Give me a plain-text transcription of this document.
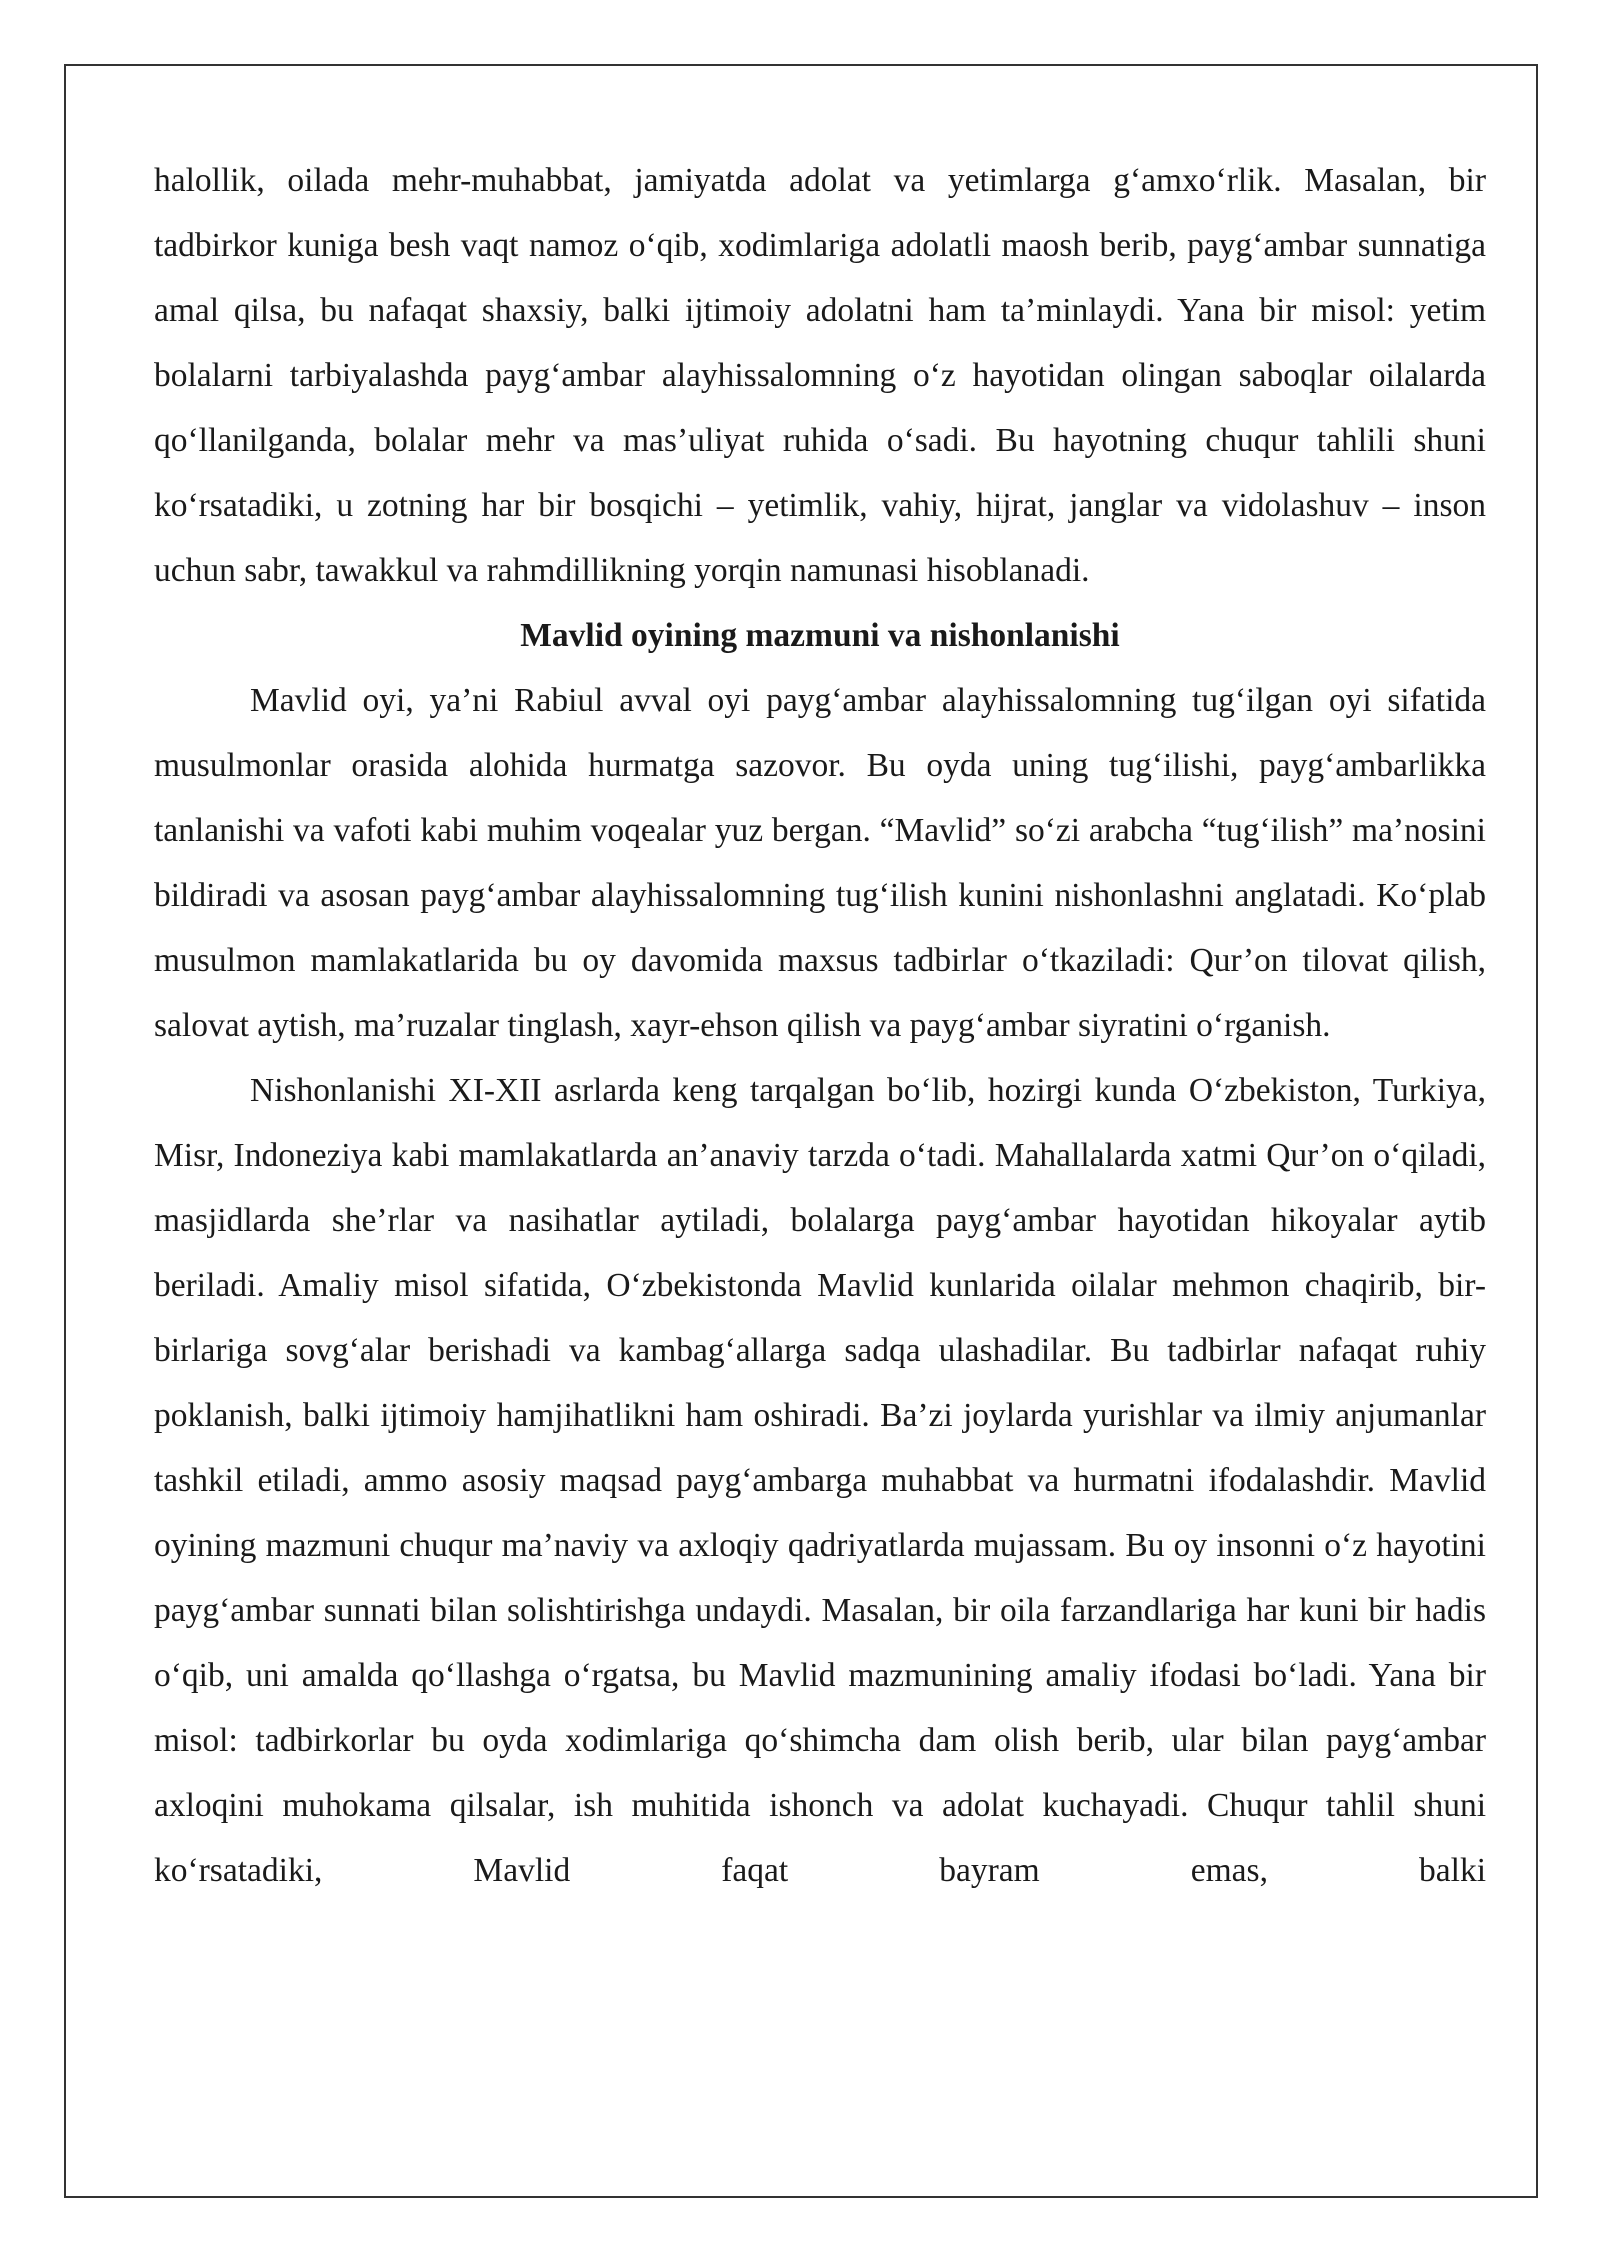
halollik, oilada mehr-muhabbat, jamiyatda adolat va yetimlarga g‘amxo‘rlik. Masalan, bir tadbirkor kuniga besh vaqt namoz o‘qib, xodimlariga adolatli maosh berib, payg‘ambar sunnatiga amal qilsa, bu nafaqat shaxsiy, balki ijtimoiy adolatni ham ta’minlaydi. Yana bir misol: yetim bolalarni tarbiyalashda payg‘ambar alayhissalomning o‘z hayotidan olingan saboqlar oilalarda qo‘llanilganda, bolalar mehr va mas’uliyat ruhida o‘sadi. Bu hayotning chuqur tahlili shuni ko‘rsatadiki, u zotning har bir bosqichi – yetimlik, vahiy, hijrat, janglar va vidolashuv – inson uchun sabr, tawakkul va rahmdillikning yorqin namunasi hisoblanadi.

Mavlid oyining mazmuni va nishonlanishi

Mavlid oyi, ya’ni Rabiul avval oyi payg‘ambar alayhissalomning tug‘ilgan oyi sifatida musulmonlar orasida alohida hurmatga sazovor. Bu oyda uning tug‘ilishi, payg‘ambarlikka tanlanishi va vafoti kabi muhim voqealar yuz bergan. “Mavlid” so‘zi arabcha “tug‘ilish” ma’nosini bildiradi va asosan payg‘ambar alayhissalomning tug‘ilish kunini nishonlashni anglatadi. Ko‘plab musulmon mamlakatlarida bu oy davomida maxsus tadbirlar o‘tkaziladi: Qur’on tilovat qilish, salovat aytish, ma’ruzalar tinglash, xayr-ehson qilish va payg‘ambar siyratini o‘rganish.

Nishonlanishi XI-XII asrlarda keng tarqalgan bo‘lib, hozirgi kunda O‘zbekiston, Turkiya, Misr, Indoneziya kabi mamlakatlarda an’anaviy tarzda o‘tadi. Mahallalarda xatmi Qur’on o‘qiladi, masjidlarda she’rlar va nasihatlar aytiladi, bolalarga payg‘ambar hayotidan hikoyalar aytib beriladi. Amaliy misol sifatida, O‘zbekistonda Mavlid kunlarida oilalar mehmon chaqirib, bir-birlariga sovg‘alar berishadi va kambag‘allarga sadqa ulashadilar. Bu tadbirlar nafaqat ruhiy poklanish, balki ijtimoiy hamjihatlikni ham oshiradi. Ba’zi joylarda yurishlar va ilmiy anjumanlar tashkil etiladi, ammo asosiy maqsad payg‘ambarga muhabbat va hurmatni ifodalashdir. Mavlid oyining mazmuni chuqur ma’naviy va axloqiy qadriyatlarda mujassam. Bu oy insonni o‘z hayotini payg‘ambar sunnati bilan solishtirishga undaydi. Masalan, bir oila farzandlariga har kuni bir hadis o‘qib, uni amalda qo‘llashga o‘rgatsa, bu Mavlid mazmunining amaliy ifodasi bo‘ladi. Yana bir misol: tadbirkorlar bu oyda xodimlariga qo‘shimcha dam olish berib, ular bilan payg‘ambar axloqini muhokama qilsalar, ish muhitida ishonch va adolat kuchayadi. Chuqur tahlil shuni ko‘rsatadiki, Mavlid faqat bayram emas, balki
